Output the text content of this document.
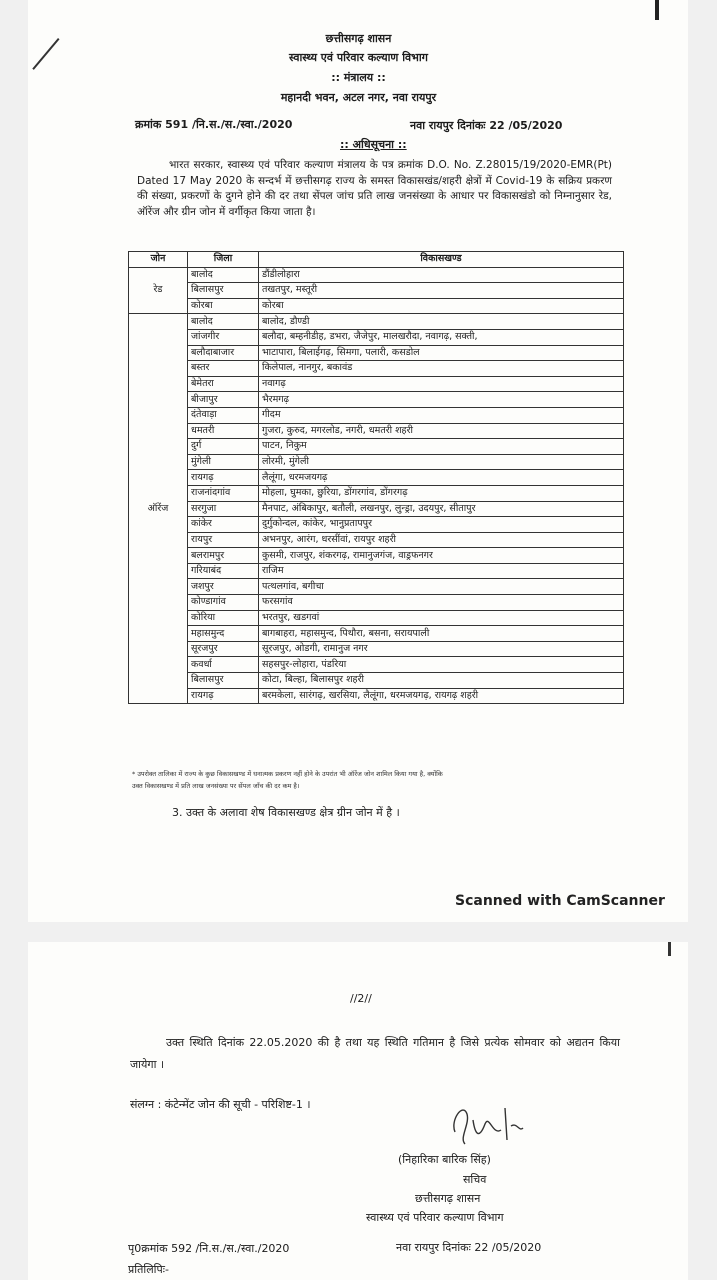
छत्तीसगढ़ शासन
स्वास्थ्य एवं परिवार कल्याण विभाग
:: मंत्रालय ::
महानदी भवन, अटल नगर, नवा रायपुर
क्रमांक 591 /नि.स./स./स्वा./2020	नवा रायपुर दिनांकः 22 /05/2020
:: अधिसूचना ::
भारत सरकार, स्वास्थ्य एवं परिवार कल्याण मंत्रालय के पत्र क्रमांक D.O. No. Z.28015/19/2020-EMR(Pt) Dated 17 May 2020 के सन्दर्भ में छत्तीसगढ़ राज्य के समस्त विकासखंड/शहरी क्षेत्रों में Covid-19 के सक्रिय प्रकरण की संख्या, प्रकरणों के दुगने होने की दर तथा सेंपल जांच प्रति लाख जनसंख्या के आधार पर विकासखंडो को निम्नानुसार रेड, ऑरेंज और ग्रीन जोन में वर्गीकृत किया जाता है।
जोन	जिला	विकासखण्ड
रेड	बालोद	डौंडीलोहारा
	बिलासपुर	तखतपुर, मस्तूरी
	कोरबा	कोरबा
ऑरेंज	बालोद	बालोद, डौण्डी
	जांजगीर	बलौदा, बम्हनीडीह, डभरा, जैजेपुर, मालखरौदा, नवागढ़, सक्ती,
	बलौदाबाजार	भाटापारा, बिलाईगढ़, सिमगा, पलारी, कसडोल
	बस्तर	किलेपाल, नानगुर, बकावंड
	बेमेतरा	नवागढ़
	बीजापुर	भैरमगढ़
	दंतेवाड़ा	गीदम
	धमतरी	गुजरा, कुरुद, मगरलोड, नगरी, धमतरी शहरी
	दुर्ग	पाटन, निकुम
	मुंगेली	लोरमी, मुंगेली
	रायगढ़	लैलूंगा, धरमजयगढ़
	राजनांदगांव	मोहला, घुमका, छुरिया, डोंगरगांव, डोंगरगढ़
	सरगुजा	मैनपाट, अंबिकापुर, बतौली, लखनपुर, लुन्ड्रा, उदयपुर, सीतापुर
	कांकेर	दुर्गुकोन्दल, कांकेर, भानुप्रतापपुर
	रायपुर	अभनपुर, आरंग, धरसींवां, रायपुर शहरी
	बलरामपुर	कुसमी, राजपुर, शंकरगढ़, रामानुजगंज, वाड्रफनगर
	गरियाबंद	राजिम
	जशपुर	पत्थलगांव, बगीचा
	कोण्डागांव	फरसगांव
	कोरिया	भरतपुर, खडगवां
	महासमुन्द	बागबाहरा, महासमुन्द, पिथौरा, बसना, सरायपाली
	सूरजपुर	सूरजपुर, ओडगी, रामानुज नगर
	कवर्धा	सहसपुर-लोहारा, पंडरिया
	बिलासपुर	कोटा, बिल्हा, बिलासपुर शहरी
	रायगढ़	बरमकेला, सारंगढ़, खरसिया, लैलूंगा, धरमजयगढ़, रायगढ़ शहरी
* उपरोक्त तालिका में राज्य के कुछ विकासखण्ड में धनात्मक प्रकरण नहीं होने के उपरांत भी ऑरेंज जोन शामिल किया गया है, क्योंकि
उक्त विकासखण्ड में प्रति लाख जनसंख्या पर सेंपल जाँच की दर कम है।
3. उक्त के अलावा शेष विकासखण्ड क्षेत्र ग्रीन जोन में है ।
Scanned with CamScanner
//2//
उक्त स्थिति दिनांक 22.05.2020 की है तथा यह स्थिति गतिमान है जिसे प्रत्येक सोमवार को अद्यतन किया जायेगा ।
संलग्न : कंटेन्मेंट जोन की सूची - परिशिष्ट-1 ।
(निहारिका बारिक सिंह)
सचिव
छत्तीसगढ़ शासन
स्वास्थ्य एवं परिवार कल्याण विभाग
पृ0क्रमांक 592 /नि.स./स./स्वा./2020	नवा रायपुर दिनांकः 22 /05/2020
प्रतिलिपिः-
